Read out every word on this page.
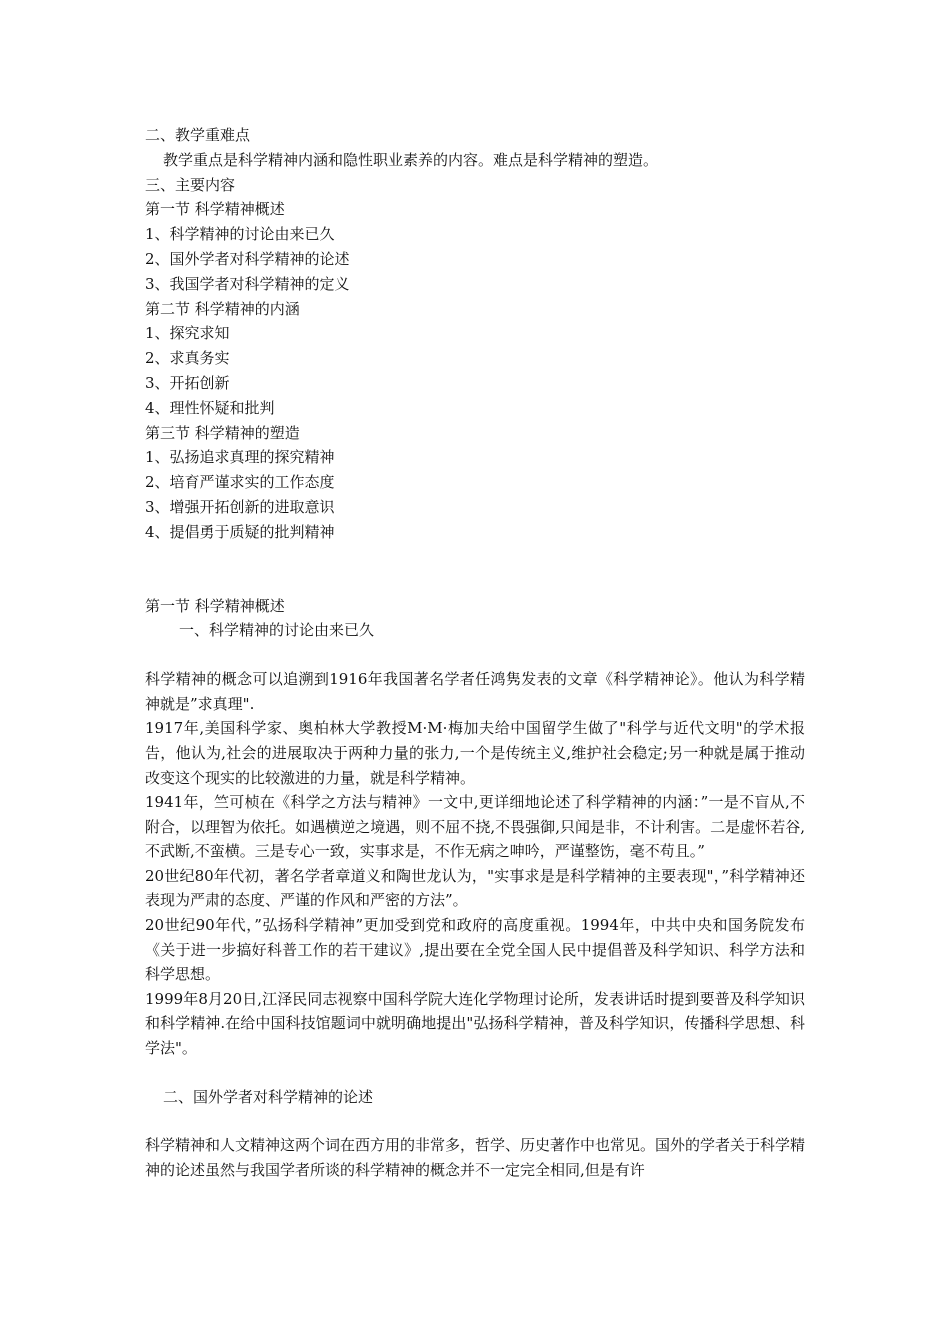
二、教学重难点
教学重点是科学精神内涵和隐性职业素养的内容。难点是科学精神的塑造。
三、主要内容
第一节 科学精神概述
1、科学精神的讨论由来已久
2、国外学者对科学精神的论述
3、我国学者对科学精神的定义
第二节 科学精神的内涵
1、探究求知
2、求真务实
3、开拓创新
4、理性怀疑和批判
第三节 科学精神的塑造
1、弘扬追求真理的探究精神
2、培育严谨求实的工作态度
3、增强开拓创新的进取意识
4、提倡勇于质疑的批判精神
第一节 科学精神概述
一、科学精神的讨论由来已久

科学精神的概念可以追溯到1916年我国著名学者任鸿隽发表的文章《科学精神论》。他认为科学精神就是”求真理".

1917年,美国科学家、奥柏林大学教授M·M·梅加夫给中国留学生做了"科学与近代文明"的学术报告，他认为,社会的进展取决于两种力量的张力,一个是传统主义,维护社会稳定;另一种就是属于推动改变这个现实的比较激进的力量，就是科学精神。

1941年，竺可桢在《科学之方法与精神》一文中,更详细地论述了科学精神的内涵：”一是不盲从,不附合，以理智为依托。如遇横逆之境遇，则不屈不挠,不畏强御,只闻是非，不计利害。二是虚怀若谷,不武断,不蛮横。三是专心一致，实事求是，不作无病之呻吟，严谨整饬，毫不苟且。”

20世纪80年代初，著名学者章道义和陶世龙认为，"实事求是是科学精神的主要表现"，”科学精神还表现为严肃的态度、严谨的作风和严密的方法”。

20世纪90年代，”弘扬科学精神”更加受到党和政府的高度重视。1994年，中共中央和国务院发布《关于进一步搞好科普工作的若干建议》,提出要在全党全国人民中提倡普及科学知识、科学方法和科学思想。

1999年8月20日,江泽民同志视察中国科学院大连化学物理讨论所，发表讲话时提到要普及科学知识和科学精神.在给中国科技馆题词中就明确地提出"弘扬科学精神，普及科学知识，传播科学思想、科学法"。

二、国外学者对科学精神的论述

科学精神和人文精神这两个词在西方用的非常多，哲学、历史著作中也常见。国外的学者关于科学精神的论述虽然与我国学者所谈的科学精神的概念并不一定完全相同,但是有许
